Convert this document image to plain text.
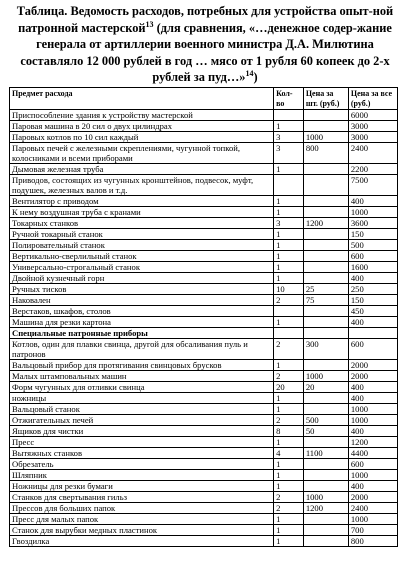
Таблица. Ведомость расходов, потребных для устройства опыт-ной патронной мастерской$^{13}$ (для сравнения, «…денежное содер-жание генерала от артиллерии военного министра Д.А. Милютина составляло 12 000 рублей в год … мясо от 1 рубля 60 копеек до 2-х рублей за пуд…»$^{14}$)
Предмет расхода	Кол-во	Цена за шт. (руб.)	Цена за все (руб.)
Приспособление здания к устройству мастерской			6000
Паровая машина в 20 сил о двух цилиндрах	1		3000
Паровых котлов по 10 сил каждый	3	1000	3000
Паровых печей с железными скреплениями, чугунной топкой, колосниками и всеми приборами	3	800	2400
Дымовая железная труба	1		2200
Приводов, состоящих из чугунных кронштейнов, подвесок, муфт, подушек, железных валов и т.д.			7500
Вентилятор с приводом	1		400
К нему воздушная труба с кранами	1		1000
Токарных станков	3	1200	3600
Ручной токарный станок	1		150
Полировательный станок	1		500
Вертикально-сверлильный станок	1		600
Универсально-строгальный станок	1		1600
Двойной кузнечный горн	1		400
Ручных тисков	10	25	250
Наковален	2	75	150
Верстаков, шкафов, столов			450
Машина для резки картона	1		400
Специальные патронные приборы			
Котлов, один для плавки свинца, другой для обсаливания пуль и патронов	2	300	600
Вальцовый прибор для протягивания свинцовых брусков	1		2000
Малых штамповальных машин	2	1000	2000
Форм чугунных для отливки свинца	20	20	400
ножницы	1		400
Вальцовый станок	1		1000
Отжигательных печей	2	500	1000
Ящиков для чистки	8	50	400
Пресс	1		1200
Вытяжных станков	4	1100	4400
Обрезатель	1		600
Шляпник	1		1000
Ножницы для резки бумаги	1		400
Станков для свертывания гильз	2	1000	2000
Прессов для больших папок	2	1200	2400
Пресс для малых папок	1		1000
Станок для вырубки медных пластинок	1		700
Гвоздилка	1		800
